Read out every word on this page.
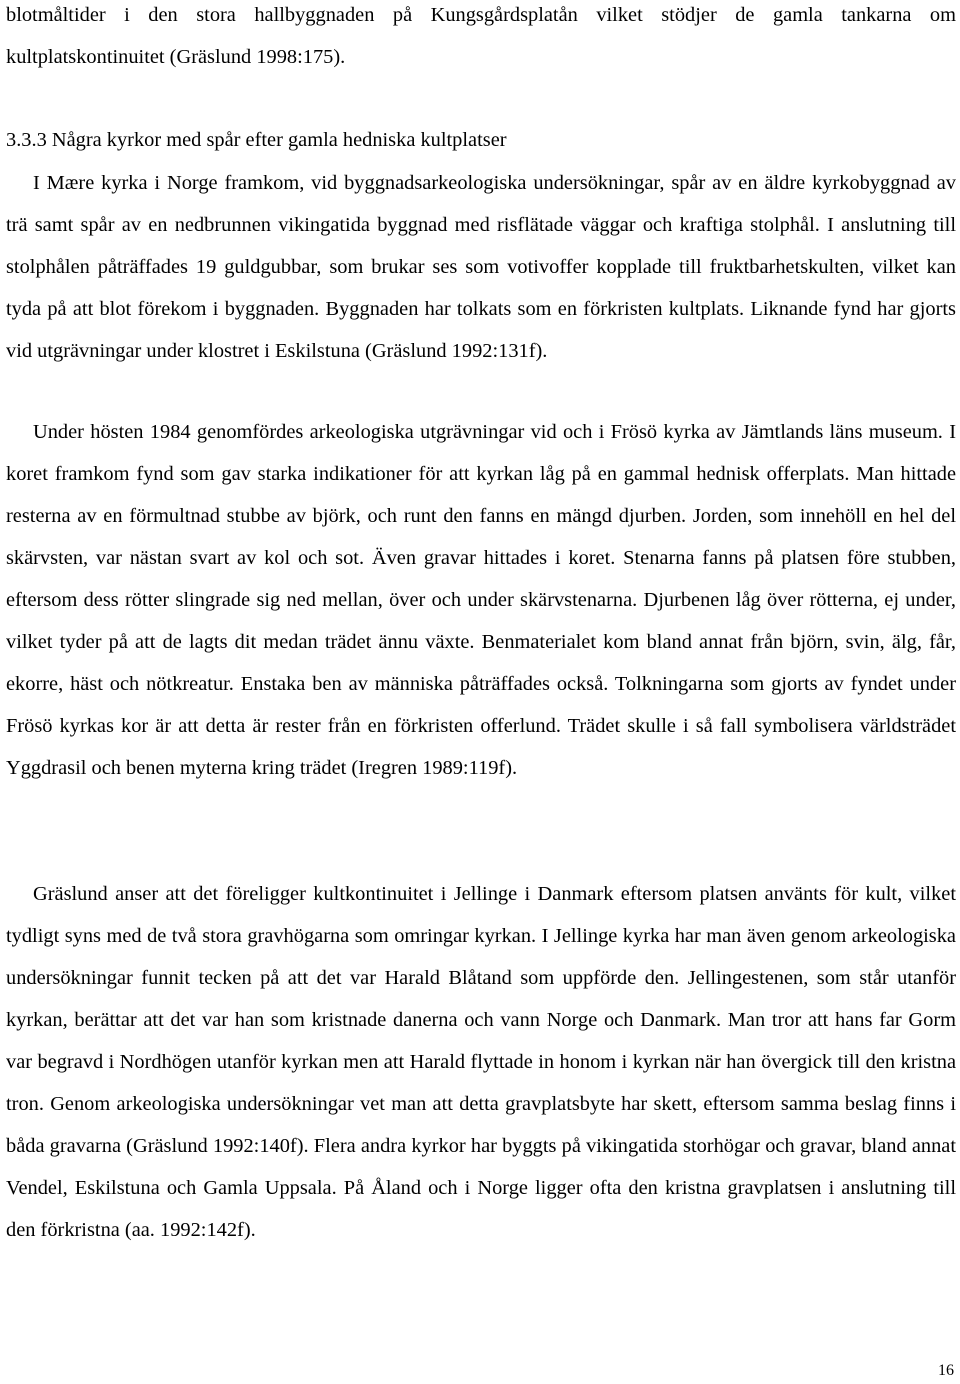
blotmåltider i den stora hallbyggnaden på Kungsgårdsplatån vilket stödjer de gamla tankarna om kultplatskontinuitet (Gräslund 1998:175).

3.3.3 Några kyrkor med spår efter gamla hedniska kultplatser

I Mære kyrka i Norge framkom, vid byggnadsarkeologiska undersökningar, spår av en äldre kyrkobyggnad av trä samt spår av en nedbrunnen vikingatida byggnad med risflätade väggar och kraftiga stolphål. I anslutning till stolphålen påträffades 19 guldgubbar, som brukar ses som votivoffer kopplade till fruktbarhetskulten, vilket kan tyda på att blot förekom i byggnaden. Byggnaden har tolkats som en förkristen kultplats. Liknande fynd har gjorts vid utgrävningar under klostret i Eskilstuna (Gräslund 1992:131f).

Under hösten 1984 genomfördes arkeologiska utgrävningar vid och i Frösö kyrka av Jämtlands läns museum. I koret framkom fynd som gav starka indikationer för att kyrkan låg på en gammal hednisk offerplats. Man hittade resterna av en förmultnad stubbe av björk, och runt den fanns en mängd djurben. Jorden, som innehöll en hel del skärvsten, var nästan svart av kol och sot. Även gravar hittades i koret. Stenarna fanns på platsen före stubben, eftersom dess rötter slingrade sig ned mellan, över och under skärvstenarna. Djurbenen låg över rötterna, ej under, vilket tyder på att de lagts dit medan trädet ännu växte. Benmaterialet kom bland annat från björn, svin, älg, får, ekorre, häst och nötkreatur. Enstaka ben av människa påträffades också. Tolkningarna som gjorts av fyndet under Frösö kyrkas kor är att detta är rester från en förkristen offerlund. Trädet skulle i så fall symbolisera världsträdet Yggdrasil och benen myterna kring trädet (Iregren 1989:119f).

Gräslund anser att det föreligger kultkontinuitet i Jellinge i Danmark eftersom platsen använts för kult, vilket tydligt syns med de två stora gravhögarna som omringar kyrkan. I Jellinge kyrka har man även genom arkeologiska undersökningar funnit tecken på att det var Harald Blåtand som uppförde den. Jellingestenen, som står utanför kyrkan, berättar att det var han som kristnade danerna och vann Norge och Danmark. Man tror att hans far Gorm var begravd i Nordhögen utanför kyrkan men att Harald flyttade in honom i kyrkan när han övergick till den kristna tron. Genom arkeologiska undersökningar vet man att detta gravplatsbyte har skett, eftersom samma beslag finns i båda gravarna (Gräslund 1992:140f). Flera andra kyrkor har byggts på vikingatida storhögar och gravar, bland annat Vendel, Eskilstuna och Gamla Uppsala. På Åland och i Norge ligger ofta den kristna gravplatsen i anslutning till den förkristna (aa. 1992:142f).

16
